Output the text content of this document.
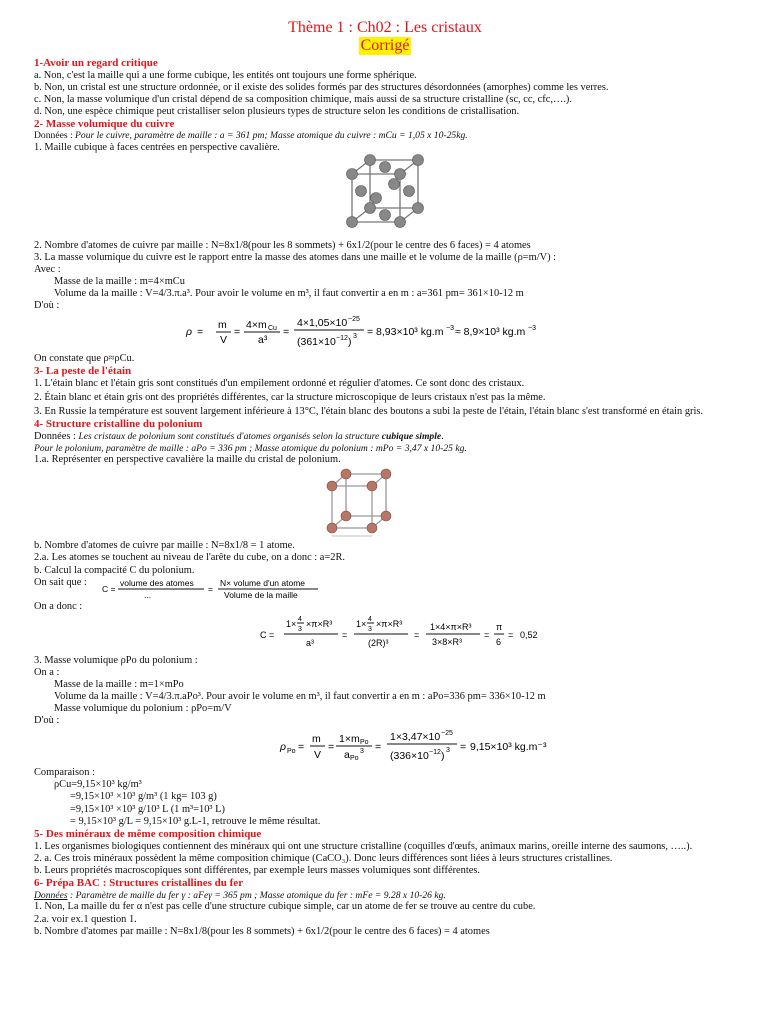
Thème 1 : Ch02 : Les cristaux
Corrigé
1-Avoir un regard critique
a. Non, c'est la maille qui a une forme cubique, les entités ont toujours une forme sphérique.
b. Non, un cristal est une structure ordonnée, or il existe des solides formés par des structures désordonnées (amorphes) comme les verres.
c. Non, la masse volumique d'un cristal dépend de sa composition chimique, mais aussi de sa structure cristalline (sc, cc, cfc,….).
d. Non, une espèce chimique peut cristalliser selon plusieurs types de structure selon les conditions de cristallisation.
2- Masse volumique du cuivre
Données : Pour le cuivre, paramètre de maille : a = 361 pm; Masse atomique du cuivre : mCu = 1,05 x 10-25kg.
1. Maille cubique à faces centrées en perspective cavalière.
2. Nombre d'atomes de cuivre par maille : N=8x1/8(pour les 8 sommets) + 6x1/2(pour le centre des 6 faces) = 4 atomes
3. La masse volumique du cuivre est le rapport entre la masse des atomes dans une maille et le volume de la maille (ρ=m/V) :
Avec :
Masse de la maille : m=4×mCu
Volume da la maille : V=4/3.π.a³. Pour avoir le volume en m³, il faut convertir a en m : a=361 pm= 361×10-12 m
D'où :
ρ =
m
V
=
4×m Cu
a³
=
4×1,05×10 −25
(361×10 −12 ) 3 = 8,93×10³ kg.m −3 ≈ 8,9×10³ kg.m −3
On constate que ρ≈ρCu.
3- La peste de l'étain
1. L'étain blanc et l'étain gris sont constitués d'un empilement ordonné et régulier d'atomes. Ce sont donc des cristaux.
2. Étain blanc et étain gris ont des propriétés différentes, car la structure microscopique de leurs cristaux n'est pas la même.
3. En Russie la température est souvent largement inférieure à 13°C, l'étain blanc des boutons a subi la peste de l'étain, l'étain blanc s'est transformé en étain gris.
4- Structure cristalline du polonium
Données : Les cristaux de polonium sont constitués d'atomes organisés selon la structure cubique simple.
Pour le polonium, paramètre de maille : aPo = 336 pm ; Masse atomique du polonium : mPo = 3,47 x 10-25 kg.
1.a. Représenter en perspective cavalière la maille du cristal de polonium.
b. Nombre d'atomes de cuivre par maille : N=8x1/8 = 1 atome.
2.a. Les atomes se touchent au niveau de l'arête du cube, on a donc : a=2R.
b. Calcul la compacité C du polonium.
On sait que :
C =
volume des atomes
...
=
N× volume d'un atome
Volume de la maille
On a donc :
C =
1× 4
3
×π×R³
a³
=
1× 4
3
×π×R³
(2R)³
=
1×4×π×R³
3×8×R³
=
π
6
= 0,52
3. Masse volumique ρPo du polonium :
On a :
Masse de la maille : m=1×mPo
Volume da la maille : V=4/3.π.aPo³. Pour avoir le volume en m³, il faut convertir a en m : aPo=336 pm= 336×10-12 m
Masse volumique du polonium : ρPo=m/V
D'où :
ρ Po =
m
V
=
1×m Po
a Po
3 =
1×3,47×10 −25
(336×10 −12 ) 3 = 9,15×10³ kg.m⁻³
Comparaison :
ρCu=9,15×10³ kg/m³
=9,15×10³ ×10³ g/m³ (1 kg= 103 g)
=9,15×10³ ×10³ g/10³ L (1 m³=10³ L)
= 9,15×10³ g/L = 9,15×10³ g.L-1, retrouve le même résultat.
5- Des minéraux de même composition chimique
1. Les organismes biologiques contiennent des minéraux qui ont une structure cristalline (coquilles d'œufs, animaux marins, oreille interne des saumons, …..).
2. a. Ces trois minéraux possèdent la même composition chimique (CaCO₃). Donc leurs différences sont liées à leurs structures cristallines.
b. Leurs propriétés macroscopiques sont différentes, par exemple leurs masses volumiques sont différentes.
6- Prépa BAC : Structures cristallines du fer
Données : Paramètre de maille du fer γ : aFeγ = 365 pm ; Masse atomique du fer : mFe = 9.28 x 10-26 kg.
1. Non, La maille du fer α n'est pas celle d'une structure cubique simple, car un atome de fer se trouve au centre du cube.
2.a. voir ex.1 question 1.
b. Nombre d'atomes par maille : N=8x1/8(pour les 8 sommets) + 6x1/2(pour le centre des 6 faces) = 4 atomes
